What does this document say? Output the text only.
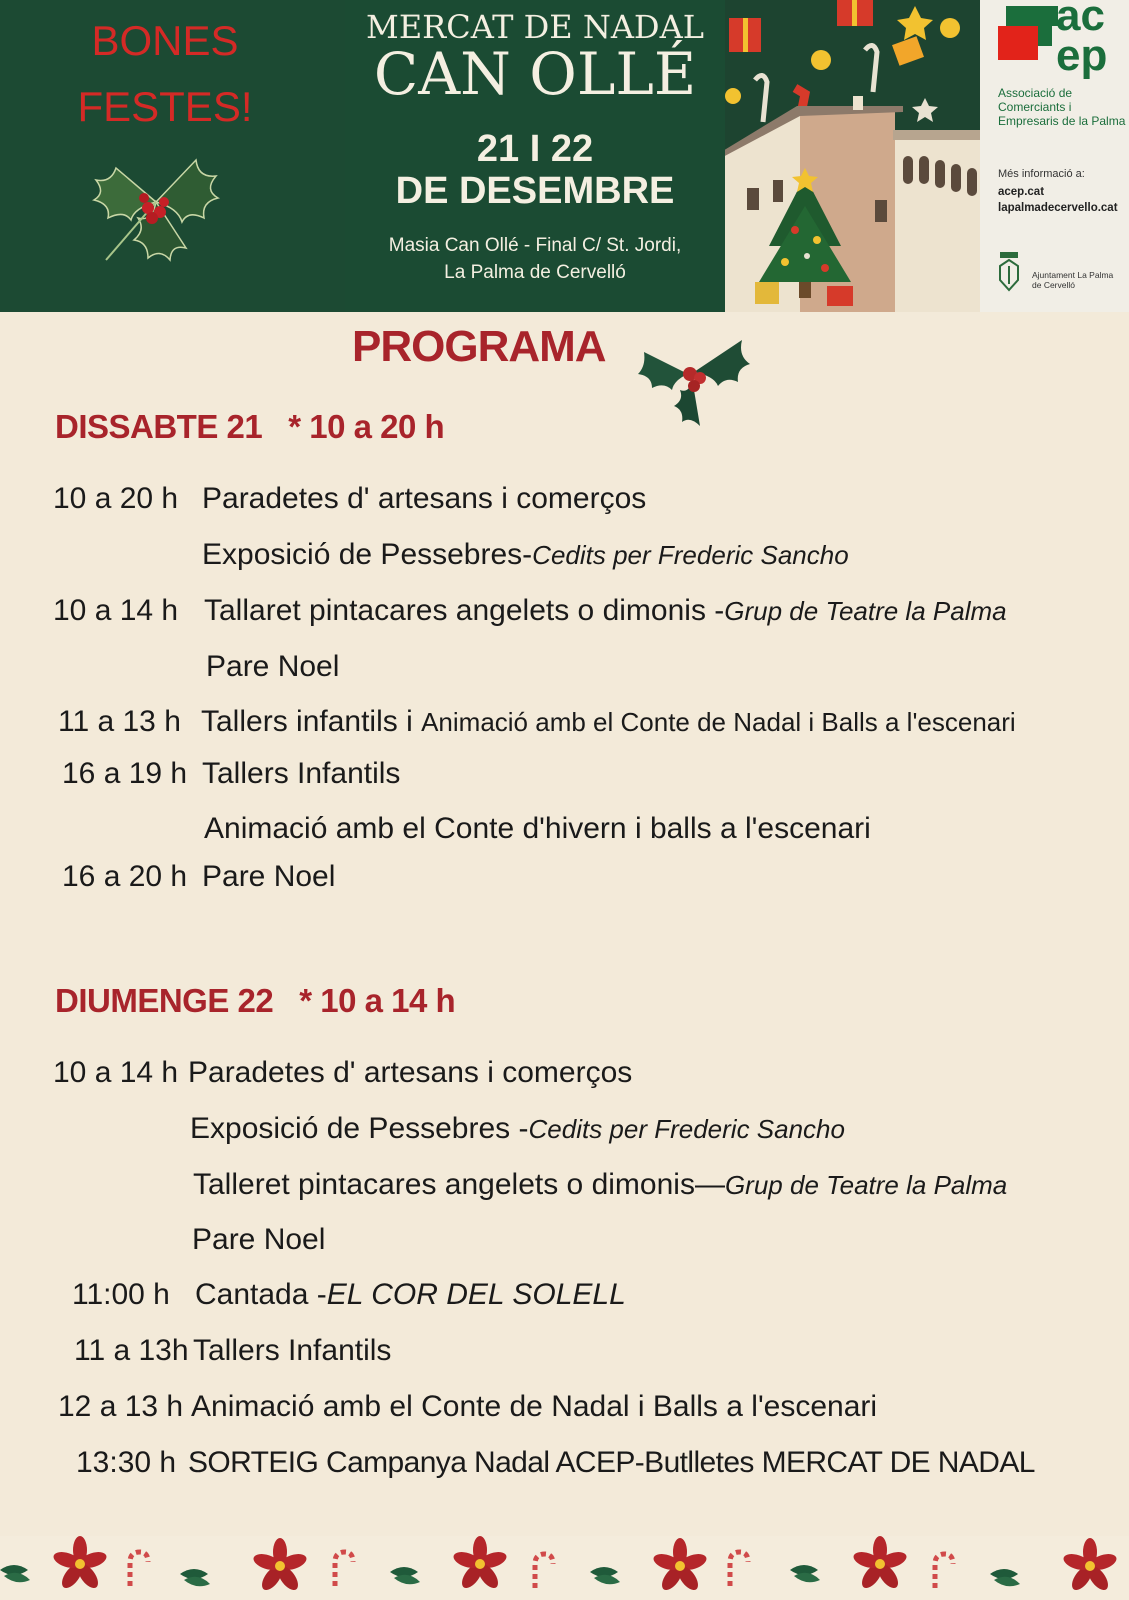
BONES
FESTES!
MERCAT DE NADAL
CAN OLLÉ
21 I 22
DE DESEMBRE
Masia Can Ollé - Final C/ St. Jordi,
La Palma de Cervelló
ac ep
Associació de Comerciants i Empresaris de la Palma
Més informació a:
acep.cat
lapalmadecervello.cat
Ajuntament La Palma de Cervelló
PROGRAMA
DISSABTE 21 * 10 a 20 h
10 a 20 h Paradetes d' artesans i comerços
Exposició de Pessebres-Cedits per Frederic Sancho
10 a 14 h Tallaret pintacares angelets o dimonis -Grup de Teatre la Palma
Pare Noel
11 a 13 h Tallers infantils i Animació amb el Conte de Nadal i Balls a l'escenari
16 a 19 h Tallers Infantils
Animació amb el Conte d'hivern i balls a l'escenari
16 a 20 h Pare Noel
DIUMENGE 22 * 10 a 14 h
10 a 14 h Paradetes d' artesans i comerços
Exposició de Pessebres -Cedits per Frederic Sancho
Talleret pintacares angelets o dimonis—Grup de Teatre la Palma
Pare Noel
11:00 h Cantada -EL COR DEL SOLELL
11 a 13h Tallers Infantils
12 a 13 h Animació amb el Conte de Nadal i Balls a l'escenari
13:30 h SORTEIG Campanya Nadal ACEP-Butlletes MERCAT DE NADAL
